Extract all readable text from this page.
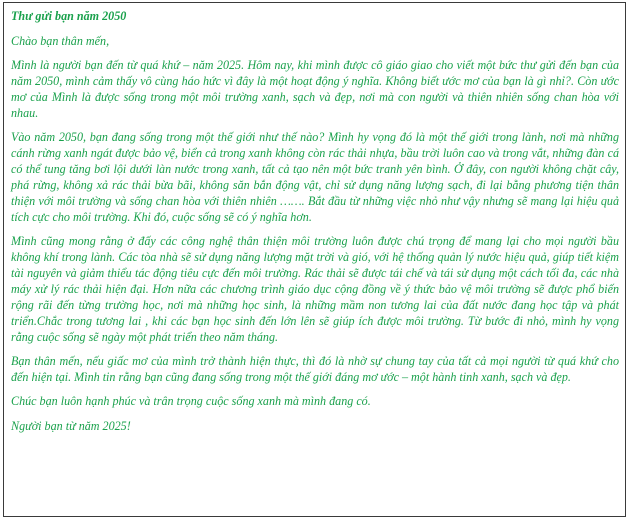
Thư gửi bạn năm 2050

Chào bạn thân mến,

Mình là người bạn đến từ quá khứ – năm 2025. Hôm nay, khi mình được cô giáo giao cho viết một bức thư gửi đến bạn của năm 2050, mình cảm thấy vô cùng háo hức vì đây là một hoạt động ý nghĩa. Không biết ước mơ của bạn là gì nhỉ?. Còn ước mơ của Mình là được sống trong một môi trường xanh, sạch và đẹp, nơi mà con người và thiên nhiên sống chan hòa với nhau.

Vào năm 2050, bạn đang sống trong một thế giới như thế nào? Mình hy vọng đó là một thế giới trong lành, nơi mà những cánh rừng xanh ngát được bảo vệ, biển cả trong xanh không còn rác thải nhựa, bầu trời luôn cao và trong vắt, những đàn cá có thể tung tăng bơi lội dưới làn nước trong xanh, tất cả tạo nên một bức tranh yên bình. Ở đây, con người không chặt cây, phá rừng, không xả rác thải bừa bãi, không săn bắn động vật, chỉ sử dụng năng lượng sạch, đi lại bằng phương tiện thân thiện với môi trường và sống chan hòa với thiên nhiên ……. Bắt đầu từ những việc nhỏ như vậy nhưng sẽ mang lại hiệu quả tích cực cho môi trường. Khi đó, cuộc sống sẽ có ý nghĩa hơn.

Mình cũng mong rằng ở đấy các công nghệ thân thiện môi trường luôn được chú trọng để mang lại cho mọi người bầu không khí trong lành. Các tòa nhà sẽ sử dụng năng lượng mặt trời và gió, với hệ thống quản lý nước hiệu quả, giúp tiết kiệm tài nguyên và giảm thiểu tác động tiêu cực đến môi trường. Rác thải sẽ được tái chế và tái sử dụng một cách tối đa, các nhà máy xử lý rác thải hiện đại. Hơn nữa các chương trình giáo dục cộng đồng về ý thức bảo vệ môi trường sẽ được phổ biến rộng rãi đến từng trường học, nơi mà những học sinh, là những mầm non tương lai của đất nước đang học tập và phát triển.Chắc trong tương lai , khi các bạn học sinh đến lớn lên sẽ giúp ích được môi trường. Từ bước đi nhỏ, mình hy vọng rằng cuộc sống sẽ ngày một phát triển theo năm tháng.

Bạn thân mến, nếu giấc mơ của mình trở thành hiện thực, thì đó là nhờ sự chung tay của tất cả mọi người từ quá khứ cho đến hiện tại. Mình tin rằng bạn cũng đang sống trong một thế giới đáng mơ ước – một hành tinh xanh, sạch và đẹp.

Chúc bạn luôn hạnh phúc và trân trọng cuộc sống xanh mà mình đang có.

Người bạn từ năm 2025!
